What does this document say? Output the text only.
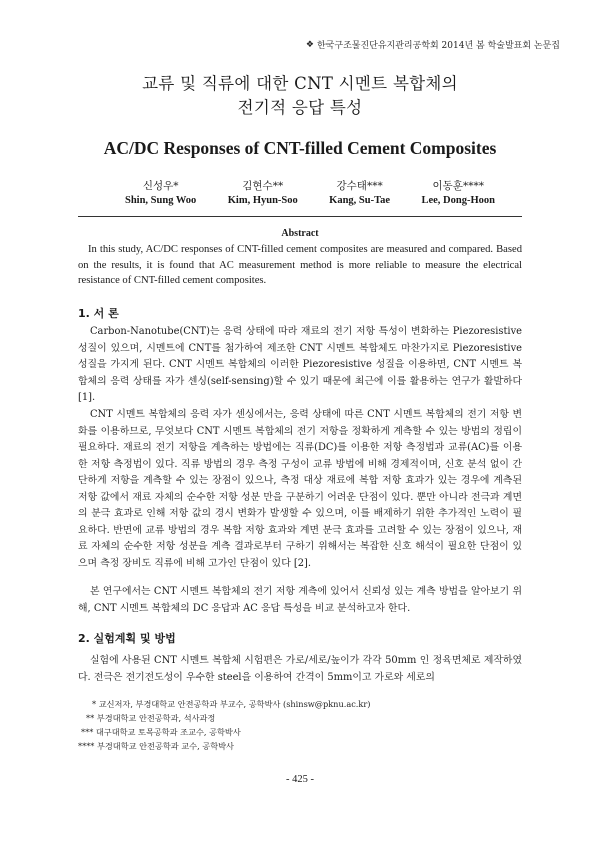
❖ 한국구조물진단유지관리공학회 2014년 봄 학술발표회 논문집
교류 및 직류에 대한 CNT 시멘트 복합체의
전기적 응답 특성
AC/DC Responses of CNT-filled Cement Composites
신성우*
Shin, Sung Woo
김현수**
Kim, Hyun-Soo
강수태***
Kang, Su-Tae
이동훈****
Lee, Dong-Hoon
Abstract
In this study, AC/DC responses of CNT-filled cement composites are measured and compared. Based on the results, it is found that AC measurement method is more reliable to measure the electrical resistance of CNT-filled cement composites.
1. 서 론
Carbon-Nanotube(CNT)는 응력 상태에 따라 재료의 전기 저항 특성이 변화하는 Piezoresistive 성질이 있으며, 시멘트에 CNT를 첨가하여 제조한 CNT 시멘트 복합체도 마찬가지로 Piezoresistive 성질을 가지게 된다. CNT 시멘트 복합체의 이러한 Piezoresistive 성질을 이용하면, CNT 시멘트 복합체의 응력 상태를 자가 센싱(self-sensing)할 수 있기 때문에 최근에 이를 활용하는 연구가 활발하다 [1].
CNT 시멘트 복합체의 응력 자가 센싱에서는, 응력 상태에 따른 CNT 시멘트 복합체의 전기 저항 변화를 이용하므로, 무엇보다 CNT 시멘트 복합체의 전기 저항을 정확하게 계측할 수 있는 방법의 정립이 필요하다. 재료의 전기 저항을 계측하는 방법에는 직류(DC)를 이용한 저항 측정법과 교류(AC)를 이용한 저항 측정법이 있다. 직류 방법의 경우 측정 구성이 교류 방법에 비해 경제적이며, 신호 분석 없이 간단하게 저항을 계측할 수 있는 장점이 있으나, 측정 대상 재료에 복합 저항 효과가 있는 경우에 계측된 저항 값에서 재료 자체의 순수한 저항 성분 만을 구분하기 어려운 단점이 있다. 뿐만 아니라 전극과 계면의 분극 효과로 인해 저항 값의 경시 변화가 발생할 수 있으며, 이를 배제하기 위한 추가적인 노력이 필요하다. 반면에 교류 방법의 경우 복합 저항 효과와 계면 분극 효과를 고려할 수 있는 장점이 있으나, 재료 자체의 순수한 저항 성분을 계측 결과로부터 구하기 위해서는 복잡한 신호 해석이 필요한 단점이 있으며 측정 장비도 직류에 비해 고가인 단점이 있다 [2].
본 연구에서는 CNT 시멘트 복합체의 전기 저항 계측에 있어서 신뢰성 있는 계측 방법을 알아보기 위해, CNT 시멘트 복합체의 DC 응답과 AC 응답 특성을 비교 분석하고자 한다.
2. 실험계획 및 방법
실험에 사용된 CNT 시멘트 복합체 시험편은 가로/세로/높이가 각각 50mm 인 정육면체로 제작하였다. 전극은 전기전도성이 우수한 steel을 이용하여 간격이 5mm이고 가로와 세로의
* 교신저자, 부경대학교 안전공학과 부교수, 공학박사 (shinsw@pknu.ac.kr)
** 부경대학교 안전공학과, 석사과정
*** 대구대학교 토목공학과 조교수, 공학박사
**** 부경대학교 안전공학과 교수, 공학박사
- 425 -
